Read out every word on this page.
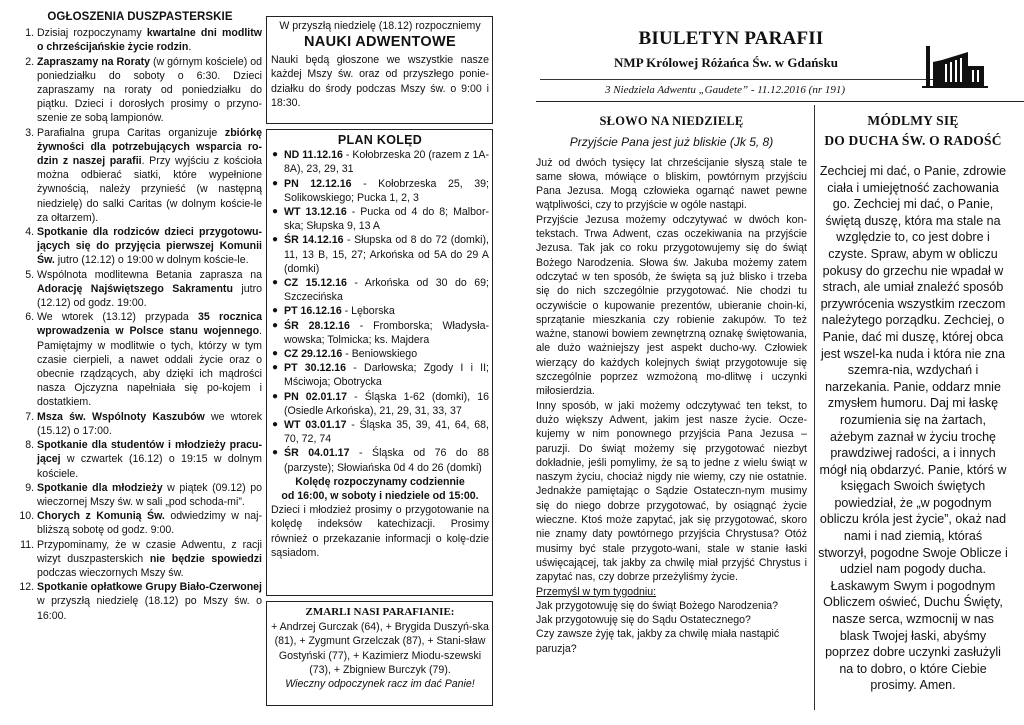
OGŁOSZENIA DUSZPASTERSKIE
1. Dzisiaj rozpoczynamy kwartalne dni modlitw o chrześcijańskie życie rodzin.
2. Zapraszamy na Roraty (w górnym kościele) od poniedziałku do soboty o 6:30. Dzieci zapraszamy na roraty od poniedziałku do piątku. Dzieci i dorosłych prosimy o przyno-szenie ze sobą lampionów.
3. Parafialna grupa Caritas organizuje zbiórkę żywności dla potrzebujących wsparcia ro-dzin z naszej parafii. Przy wyjściu z kościoła można odbierać siatki, które wypełnione żywnością, należy przynieść (w następną niedzielę) do salki Caritas (w dolnym koście-le za ołtarzem).
4. Spotkanie dla rodziców dzieci przygotowu-jących się do przyjęcia pierwszej Komunii Św. jutro (12.12) o 19:00 w dolnym koście-le.
5. Wspólnota modlitewna Betania zaprasza na Adorację Najświętszego Sakramentu jutro (12.12) od godz. 19:00.
6. We wtorek (13.12) przypada 35 rocznica wprowadzenia w Polsce stanu wojennego. Pamiętajmy w modlitwie o tych, którzy w tym czasie cierpieli, a nawet oddali życie oraz o obecnie rządzących, aby dzięki ich mądrości nasza Ojczyzna napełniała się po-kojem i dostatkiem.
7. Msza św. Wspólnoty Kaszubów we wtorek (15.12) o 17:00.
8. Spotkanie dla studentów i młodzieży pracu-jącej w czwartek (16.12) o 19:15 w dolnym kościele.
9. Spotkanie dla młodzieży w piątek (09.12) po wieczornej Mszy św. w sali „pod schoda-mi”.
10. Chorych z Komunią Św. odwiedzimy w naj-bliższą sobotę od godz. 9:00.
11. Przypominamy, że w czasie Adwentu, z racji wizyt duszpasterskich nie będzie spowiedzi podczas wieczornych Mszy św.
12. Spotkanie opłatkowe Grupy Biało-Czerwonej w przyszłą niedzielę (18.12) po Mszy św. o 16:00.
W przyszłą niedzielę (18.12) rozpoczniemy
NAUKI ADWENTOWE
Nauki będą głoszone we wszystkie nasze każdej Mszy św. oraz od przyszłego ponie-działku do środy podczas Mszy św. o 9:00 i 18:30.
PLAN KOLĘD
● ND 11.12.16 - Kołobrzeska 20 (razem z 1A-8A), 23, 29, 31
● PN 12.12.16 - Kołobrzeska 25, 39; Solikowskiego; Pucka 1, 2, 3
● WT 13.12.16 - Pucka od 4 do 8; Malbor-ska; Słupska 9, 13 A
● ŚR 14.12.16 - Słupska od 8 do 72 (domki), 11, 13 B, 15, 27; Arkońska od 5A do 29 A (domki)
● CZ 15.12.16 - Arkońska od 30 do 69; Szczecińska
● PT 16.12.16 - Lęborska
● ŚR 28.12.16 - Fromborska; Władysła-wowska; Tolmicka; ks. Majdera
● CZ 29.12.16 - Beniowskiego
● PT 30.12.16 - Darłowska; Zgody I i II; Mściwoja; Obotrycka
● PN 02.01.17 - Śląska 1-62 (domki), 16 (Osiedle Arkońska), 21, 29, 31, 33, 37
● WT 03.01.17 - Śląska 35, 39, 41, 64, 68, 70, 72, 74
● ŚR 04.01.17 - Śląska od 76 do 88 (parzyste); Słowiańska 0d 4 do 26 (domki)
Kolędę rozpoczynamy codziennie
od 16:00, w soboty i niedziele od 15:00.
Dzieci i młodzież prosimy o przygotowanie na kolędę indeksów katechizacji. Prosimy również o przekazanie informacji o kolę-dzie sąsiadom.
ZMARLI NASI PARAFIANIE:
+ Andrzej Gurczak (64), + Brygida Duszyń-ska (81), + Zygmunt Grzelczak (87), + Stani-sław Gostyński (77), + Kazimierz Miodu-szewski (73), + Zbigniew Burczyk (79).
Wieczny odpoczynek racz im dać Panie!
BIULETYN PARAFII
NMP Królowej Różańca Św. w Gdańsku
3 Niedziela Adwentu „Gaudete” - 11.12.2016 (nr 191)
SŁOWO NA NIEDZIELĘ
Przyjście Pana jest już bliskie (Jk 5, 8)

Już od dwóch tysięcy lat chrześcijanie słyszą stale te same słowa, mówiące o bliskim, powtórnym przyjściu Pana Jezusa. Mogą człowieka ogarnąć nawet pewne wątpliwości, czy to przyjście w ogóle nastąpi.

Przyjście Jezusa możemy odczytywać w dwóch kon-tekstach. Trwa Adwent, czas oczekiwania na przyjście Jezusa. Tak jak co roku przygotowujemy się do świąt Bożego Narodzenia. Słowa św. Jakuba możemy zatem odczytać w ten sposób, że święta są już blisko i trzeba się do nich szczególnie przygotować. Nie chodzi tu oczywiście o kupowanie prezentów, ubieranie choin-ki, sprzątanie mieszkania czy robienie zakupów. To też ważne, stanowi bowiem zewnętrzną oznakę świętowania, ale dużo ważniejszy jest aspekt ducho-wy. Człowiek wierzący do każdych kolejnych świąt przygotowuje się szczególnie poprzez wzmożoną mo-dlitwę i uczynki miłosierdzia.

Inny sposób, w jaki możemy odczytywać ten tekst, to dużo większy Adwent, jakim jest nasze życie. Ocze-kujemy w nim ponownego przyjścia Pana Jezusa – paruzji. Do świąt możemy się przygotować niezbyt dokładnie, jeśli pomylimy, że są to jedne z wielu świąt w naszym życiu, chociaż nigdy nie wiemy, czy nie ostatnie. Jednakże pamiętając o Sądzie Ostateczn-nym musimy się do niego dobrze przygotować, by osiągnąć życie wieczne. Ktoś może zapytać, jak się przygotować, skoro nie znamy daty powtórnego przyjścia Chrystusa? Otóż musimy być stale przygoto-wani, stale w stanie łaski uświęcającej, tak jakby za chwilę miał przyjść Chrystus i zapytać nas, czy dobrze przeżyliśmy życie.

Przemyśl w tym tygodniu:

Jak przygotowuję się do świąt Bożego Narodzenia?

Jak przygotowuję się do Sądu Ostatecznego?

Czy zawsze żyję tak, jakby za chwilę miała nastąpić paruzja?

MÓDLMY SIĘ
DO DUCHA ŚW. O RADOŚĆ
Zechciej mi dać, o Panie, zdrowie ciała i umiejętność zachowania go. Zechciej mi dać, o Panie, świętą duszę, która ma stale na względzie to, co jest dobre i czyste. Spraw, abym w obliczu pokusy do grzechu nie wpadał w strach, ale umiał znaleźć sposób przywrócenia wszystkim rzeczom należytego porządku. Zechciej, o Panie, dać mi duszę, której obca jest wszel-ka nuda i która nie zna szemra-nia, wzdychań i narzekania. Panie, oddarz mnie zmysłem humoru. Daj mi łaskę rozumienia się na żartach, ażebym zaznał w życiu trochę prawdziwej radości, a i innych mógł nią obdarzyć. Panie, którś w księgach Swoich świętych powiedział, że „w pogodnym obliczu króla jest życie”, okaż nad nami i nad ziemią, któraś stworzył, pogodne Swoje Oblicze i udziel nam pogody ducha. Łaskawym Swym i pogodnym Obliczem oświeć, Duchu Święty, nasze serca, wzmocnij w nas blask Twojej łaski, abyśmy poprzez dobre uczynki zasłużyli na to dobro, o które Ciebie prosimy. Amen.
